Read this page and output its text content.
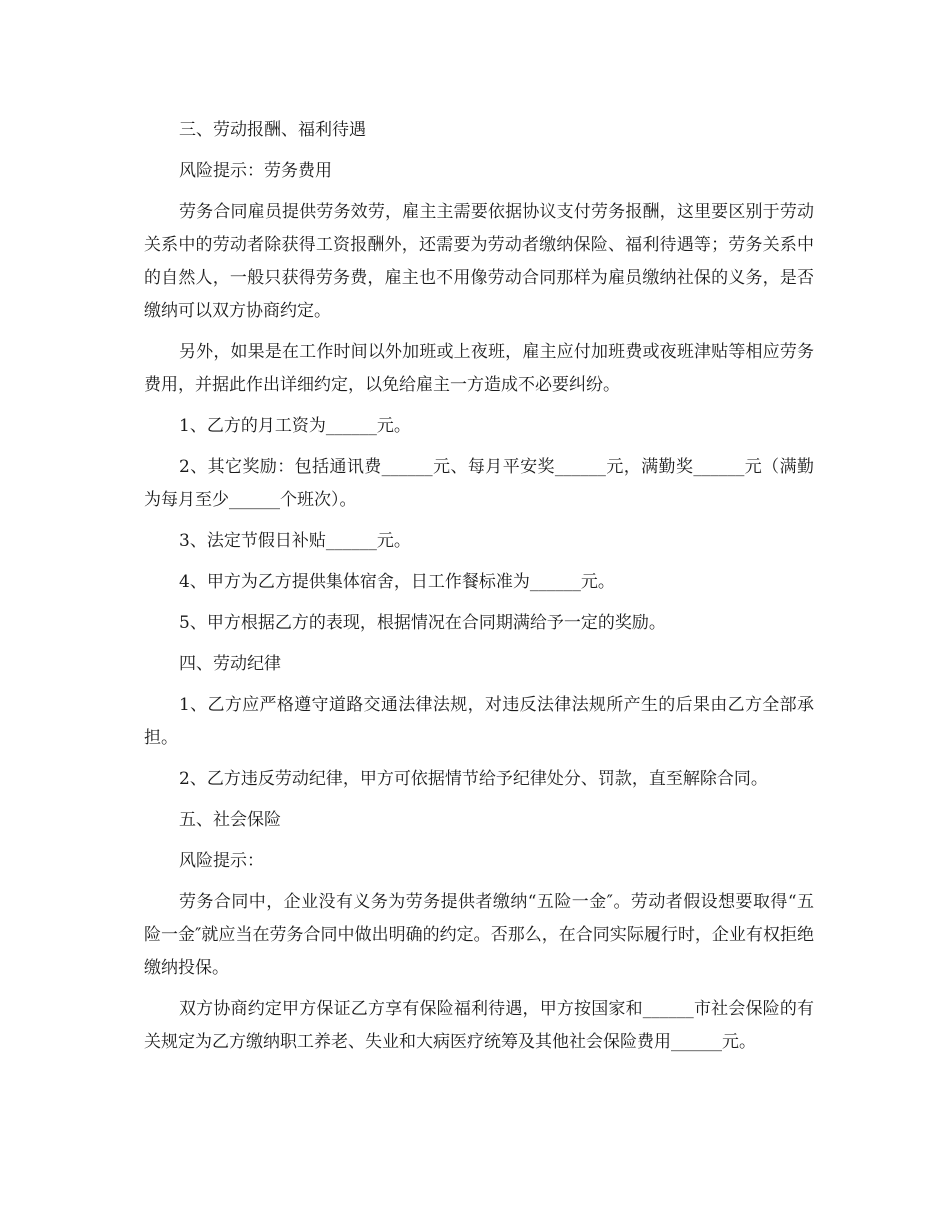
三、劳动报酬、福利待遇

风险提示：劳务费用

劳务合同雇员提供劳务效劳，雇主主需要依据协议支付劳务报酬，这里要区别于劳动关系中的劳动者除获得工资报酬外，还需要为劳动者缴纳保险、福利待遇等；劳务关系中的自然人，一般只获得劳务费，雇主也不用像劳动合同那样为雇员缴纳社保的义务，是否缴纳可以双方协商约定。

另外，如果是在工作时间以外加班或上夜班，雇主应付加班费或夜班津贴等相应劳务费用，并据此作出详细约定，以免给雇主一方造成不必要纠纷。

1、乙方的月工资为______元。

2、其它奖励：包括通讯费______元、每月平安奖______元，满勤奖______元（满勤为每月至少______个班次）。

3、法定节假日补贴______元。

4、甲方为乙方提供集体宿舍，日工作餐标准为______元。

5、甲方根据乙方的表现，根据情况在合同期满给予一定的奖励。

四、劳动纪律

1、乙方应严格遵守道路交通法律法规，对违反法律法规所产生的后果由乙方全部承担。

2、乙方违反劳动纪律，甲方可依据情节给予纪律处分、罚款，直至解除合同。

五、社会保险

风险提示：

劳务合同中，企业没有义务为劳务提供者缴纳“五险一金″。劳动者假设想要取得“五险一金″就应当在劳务合同中做出明确的约定。否那么，在合同实际履行时，企业有权拒绝缴纳投保。

双方协商约定甲方保证乙方享有保险福利待遇，甲方按国家和______市社会保险的有关规定为乙方缴纳职工养老、失业和大病医疗统筹及其他社会保险费用______元。
